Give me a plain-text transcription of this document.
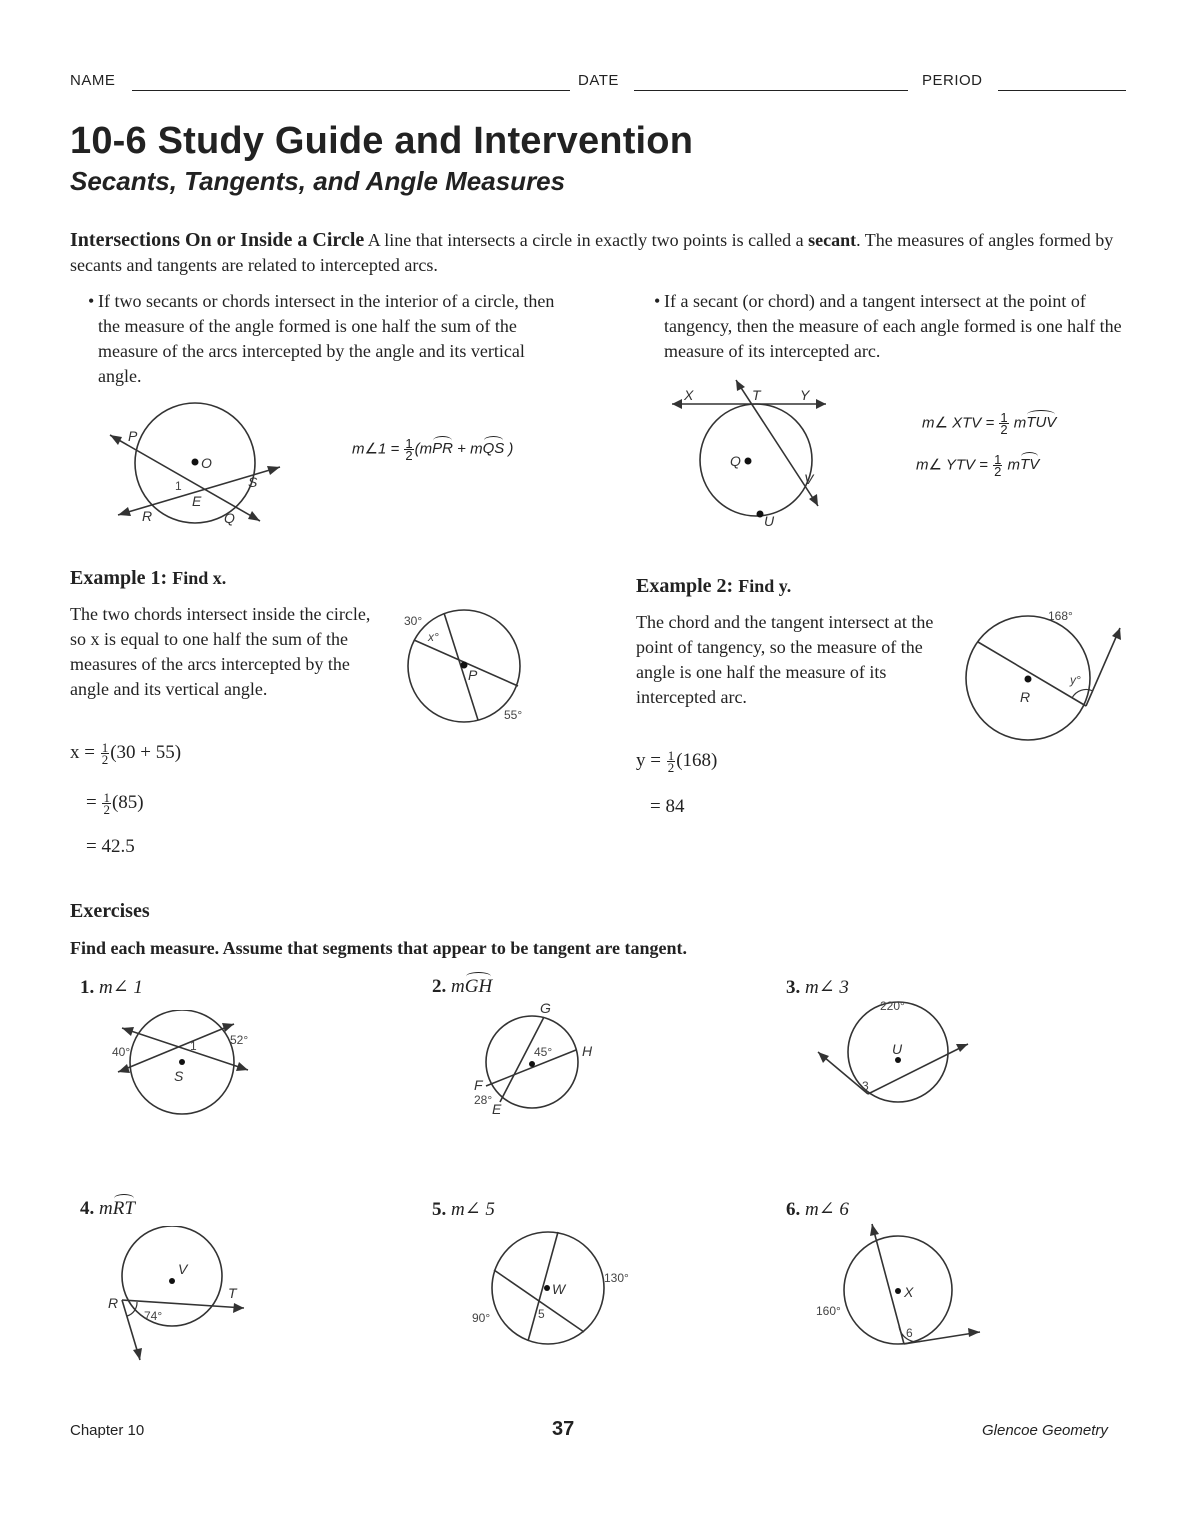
NAME	DATE	PERIOD
10-6 Study Guide and Intervention
Secants, Tangents, and Angle Measures
Intersections On or Inside a Circle A line that intersects a circle in exactly two points is called a secant. The measures of angles formed by secants and tangents are related to intercepted arcs.
• If two secants or chords intersect in the interior of a circle, then the measure of the angle formed is one half the sum of the measure of the arcs intercepted by the angle and its vertical angle.
• If a secant (or chord) and a tangent intersect at the point of tangency, then the measure of each angle formed is one half the measure of its intercepted arc.
P
O
1	S
E
R	Q
m∠1 = $\frac{1}{2} (mPR$ + mQS )
X	T	Y
Q
V
U
m∠ XTV = $\frac{1}{2}$ mTUV
m∠ YTV = $\frac{1}{2}$ mTV
Example 1: Find x.
The two chords intersect inside the circle, so x is equal to one half the sum of the measures of the arcs intercepted by the angle and its vertical angle.
$x = \frac{1}{2} (30 + 55)$
= $\frac{1}{2} (85)$
= 42.5
30°
x°
P
55°
Example 2: Find y.
The chord and the tangent intersect at the point of tangency, so the measure of the angle is one half the measure of its intercepted arc.
$y = \frac{1}{2} (168)$
= 84
168°
y°
R
Exercises
Find each measure. Assume that segments that appear to be tangent are tangent.
1. m∠ 1	2. mGH	3. m∠ 3
4. mRT	5. m∠ 5	6. m∠ 6
40°	1	52°
S
G
H
45°
F
28°
E
220°
U
3
V
R
T
74°
W
130°
90°	5	160°
X
6
Chapter 10	37	Glencoe Geometry
